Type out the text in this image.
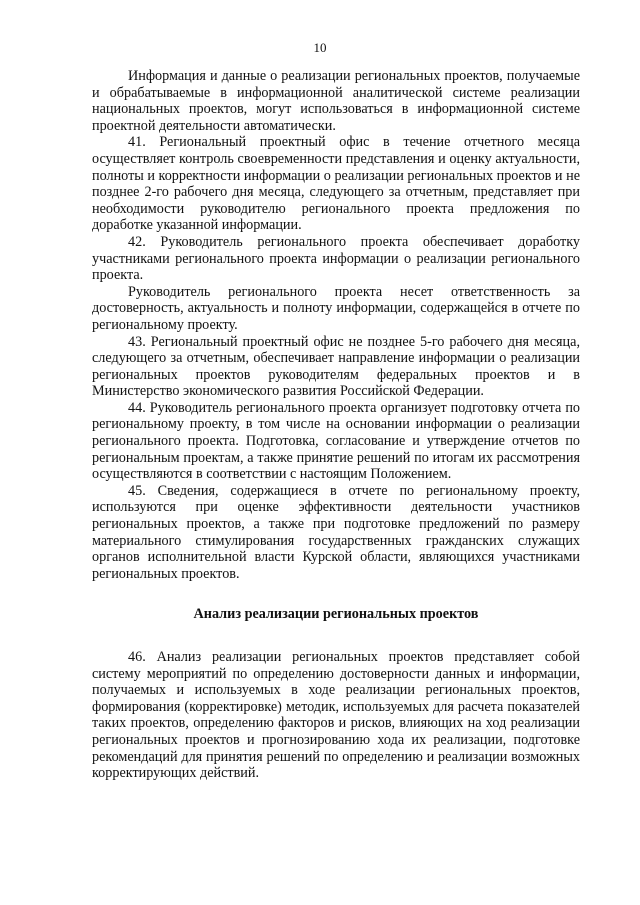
10

Информация и данные о реализации региональных проектов, получаемые и обрабатываемые в информационной аналитической системе реализации национальных проектов, могут использоваться в информационной системе проектной деятельности автоматически.

41. Региональный проектный офис в течение отчетного месяца осуществляет контроль своевременности представления и оценку актуальности, полноты и корректности информации о реализации региональных проектов и не позднее 2-го рабочего дня месяца, следующего за отчетным, представляет при необходимости руководителю регионального проекта предложения по доработке указанной информации.

42. Руководитель регионального проекта обеспечивает доработку участниками регионального проекта информации о реализации регионального проекта.

Руководитель регионального проекта несет ответственность за достоверность, актуальность и полноту информации, содержащейся в отчете по региональному проекту.

43. Региональный проектный офис не позднее 5-го рабочего дня месяца, следующего за отчетным, обеспечивает направление информации о реализации региональных проектов руководителям федеральных проектов и в Министерство экономического развития Российской Федерации.

44. Руководитель регионального проекта организует подготовку отчета по региональному проекту, в том числе на основании информации о реализации регионального проекта. Подготовка, согласование и утверждение отчетов по региональным проектам, а также принятие решений по итогам их рассмотрения осуществляются в соответствии с настоящим Положением.

45. Сведения, содержащиеся в отчете по региональному проекту, используются при оценке эффективности деятельности участников региональных проектов, а также при подготовке предложений по размеру материального стимулирования государственных гражданских служащих органов исполнительной власти Курской области, являющихся участниками региональных проектов.

Анализ реализации региональных проектов

46. Анализ реализации региональных проектов представляет собой систему мероприятий по определению достоверности данных и информации, получаемых и используемых в ходе реализации региональных проектов, формирования (корректировке) методик, используемых для расчета показателей таких проектов, определению факторов и рисков, влияющих на ход реализации региональных проектов и прогнозированию хода их реализации, подготовке рекомендаций для принятия решений по определению и реализации возможных корректирующих действий.
